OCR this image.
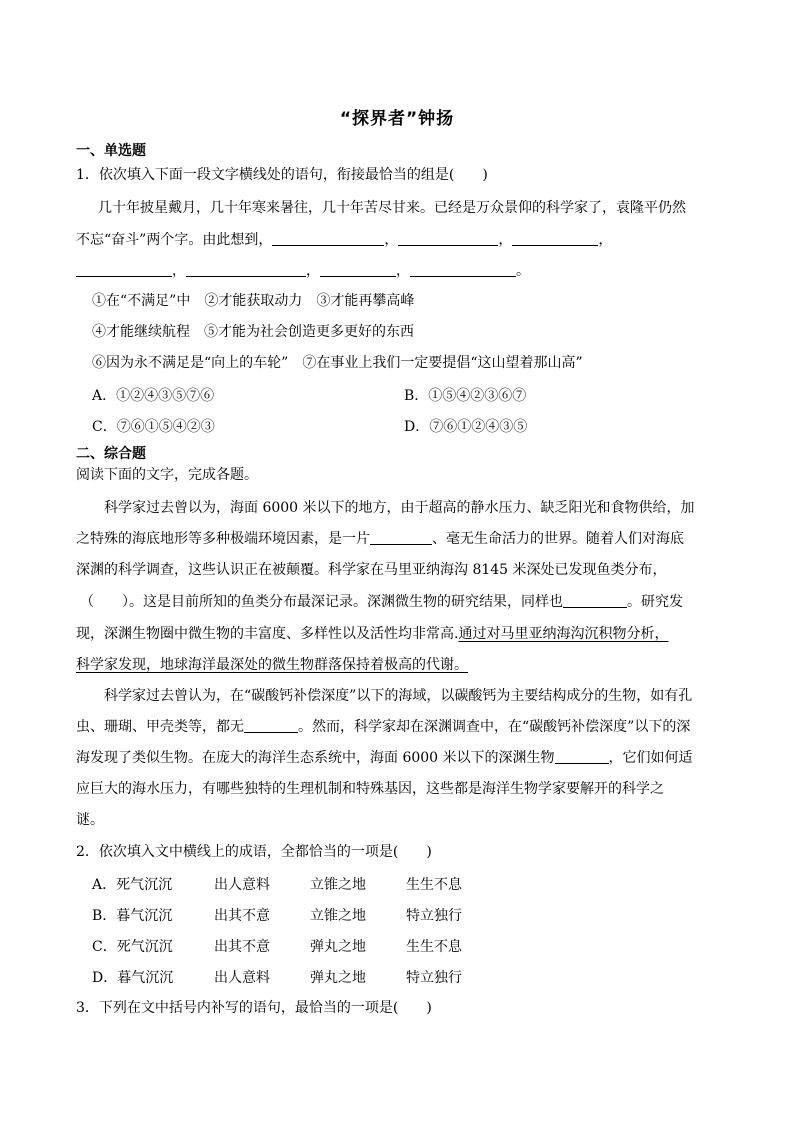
“探界者”钟扬
一、单选题
1．依次填入下面一段文字横线处的语句，衔接最恰当的组是(　　)
几十年披星戴月，几十年寒来暑往，几十年苦尽甘来。已经是万众景仰的科学家了，袁隆平仍然
不忘“奋斗”两个字。由此想到，	，	，	，
，	，	，	。
①在“不满足”中　②才能获取动力　③才能再攀高峰
④才能继续航程　⑤才能为社会创造更多更好的东西
⑥因为永不满足是“向上的车轮”　⑦在事业上我们一定要提倡“这山望着那山高”
A．①②④③⑤⑦⑥	B．①⑤④②③⑥⑦
C．⑦⑥①⑤④②③	D．⑦⑥①②④③⑤
二、综合题
阅读下面的文字，完成各题。
科学家过去曾以为，海面 6000 米以下的地方，由于超高的静水压力、缺乏阳光和食物供给，加
之特殊的海底地形等多种极端环境因素，是一片	、毫无生命活力的世界。随着人们对海底
深渊的科学调查，这些认识正在被颠覆。科学家在马里亚纳海沟 8145 米深处已发现鱼类分布，
（　　）。这是目前所知的鱼类分布最深记录。深渊微生物的研究结果，同样也	。研究发
现，深渊生物圈中微生物的丰富度、多样性以及活性均非常高.通过对马里亚纳海沟沉积物分析，
科学家发现，地球海洋最深处的微生物群落保持着极高的代谢。
科学家过去曾认为，在“碳酸钙补偿深度”以下的海域，以碳酸钙为主要结构成分的生物，如有孔
虫、珊瑚、甲壳类等，都无	。然而，科学家却在深渊调查中，在“碳酸钙补偿深度”以下的深
海发现了类似生物。在庞大的海洋生态系统中，海面 6000 米以下的深渊生物	，它们如何适
应巨大的海水压力，有哪些独特的生理机制和特殊基因，这些都是海洋生物学家要解开的科学之
谜。
2．依次填入文中横线上的成语，全都恰当的一项是(　　)
A．死气沉沉	出人意料	立锥之地	生生不息
B．暮气沉沉	出其不意	立锥之地	特立独行
C．死气沉沉	出其不意	弹丸之地	生生不息
D．暮气沉沉	出人意料	弹丸之地	特立独行
3．下列在文中括号内补写的语句，最恰当的一项是(　　)
